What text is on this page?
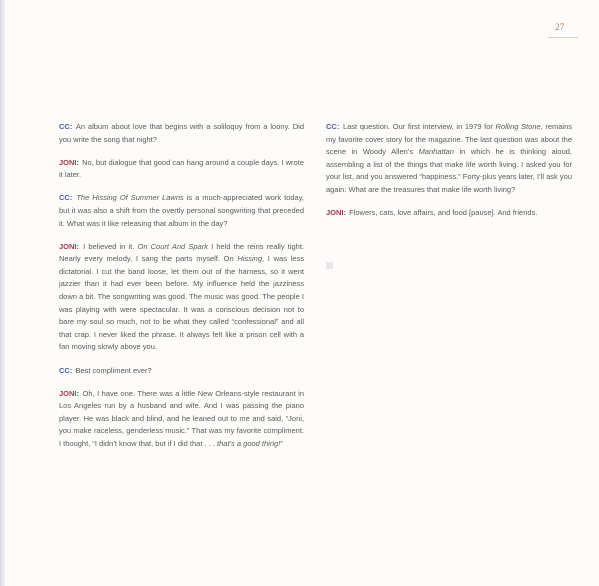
27

CC: An album about love that begins with a soliloquy from a loony. Did you write the song that night?

JONI: No, but dialogue that good can hang around a couple days. I wrote it later.

CC: The Hissing Of Summer Lawns is a much-appreciated work today, but it was also a shift from the overtly personal songwriting that preceded it. What was it like releasing that album in the day?

JONI: I believed in it. On Court And Spark I held the reins really tight. Nearly every melody, I sang the parts myself. On Hissing, I was less dictatorial. I cut the band loose, let them out of the harness, so it went jazzier than it had ever been before. My influence held the jazziness down a bit. The songwriting was good. The music was good. The people I was playing with were spectacular. It was a conscious decision not to bare my soul so much, not to be what they called “confessional” and all that crap. I never liked the phrase. It always felt like a prison cell with a fan moving slowly above you.

CC: Best compliment ever?

JONI: Oh, I have one. There was a little New Orleans-style restaurant in Los Angeles run by a husband and wife. And I was passing the piano player. He was black and blind, and he leaned out to me and said, “Joni, you make raceless, genderless music.” That was my favorite compliment. I thought, “I didn’t know that, but if I did that . . . that’s a good thing!”

CC: Last question. Our first interview, in 1979 for Rolling Stone, remains my favorite cover story for the magazine. The last question was about the scene in Woody Allen’s Manhattan in which he is thinking aloud, assembling a list of the things that make life worth living. I asked you for your list, and you answered “happiness.” Forty-plus years later, I’ll ask you again: What are the treasures that make life worth living?

JONI: Flowers, cats, love affairs, and food [pause]. And friends.
